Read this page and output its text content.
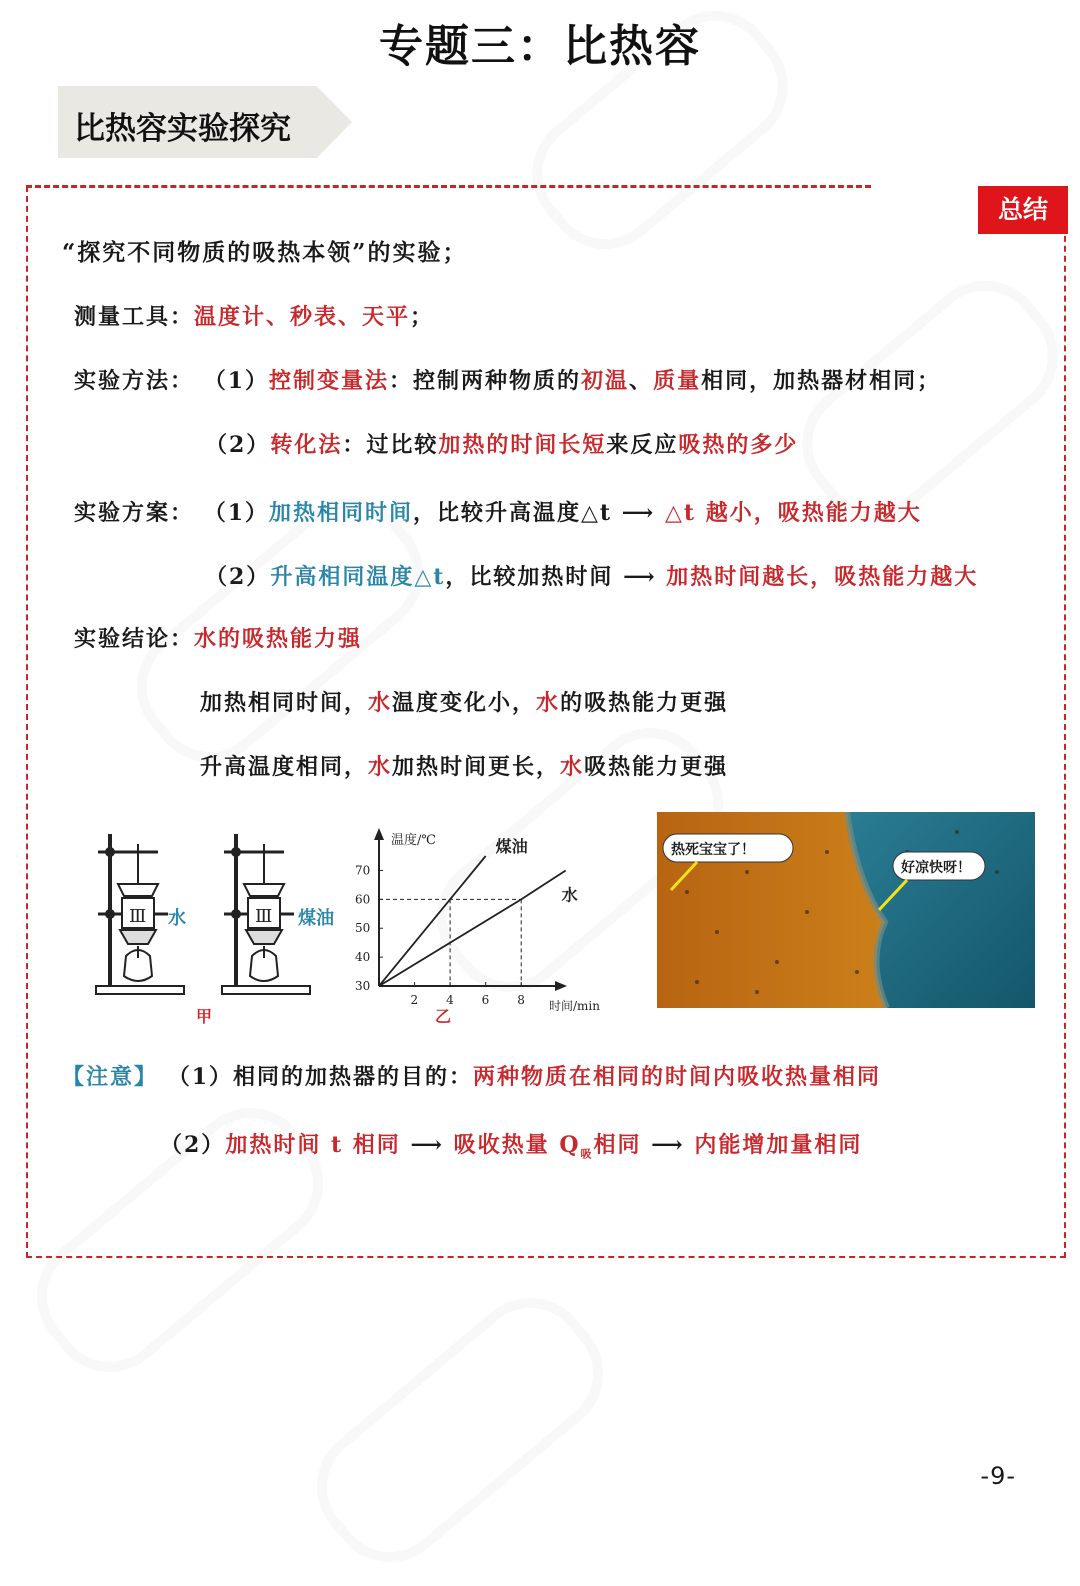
专题三：比热容
比热容实验探究
总结
“探究不同物质的吸热本领”的实验；
测量工具：温度计、秒表、天平；
实验方法： （1）控制变量法：控制两种物质的初温、质量相同，加热器材相同；
（2）转化法：过比较加热的时间长短来反应吸热的多少
实验方案： （1）加热相同时间，比较升高温度△t ⟶ △t 越小，吸热能力越大
（2）升高相同温度△t，比较加热时间 ⟶ 加热时间越长，吸热能力越大
实验结论：水的吸热能力强
加热相同时间，水温度变化小，水的吸热能力更强
升高温度相同，水加热时间更长，水吸热能力更强
Ⅲ 水	Ⅲ 煤油
甲
2 4 6 8
30
40
50
60
70
温度/℃
时间/min
煤油
水
乙
热死宝宝了！
好凉快呀！
【注意】 （1）相同的加热器的目的：两种物质在相同的时间内吸收热量相同
（2）加热时间 t 相同 ⟶ 吸收热量 $Q_吸$相同 ⟶ 内能增加量相同
-9-
